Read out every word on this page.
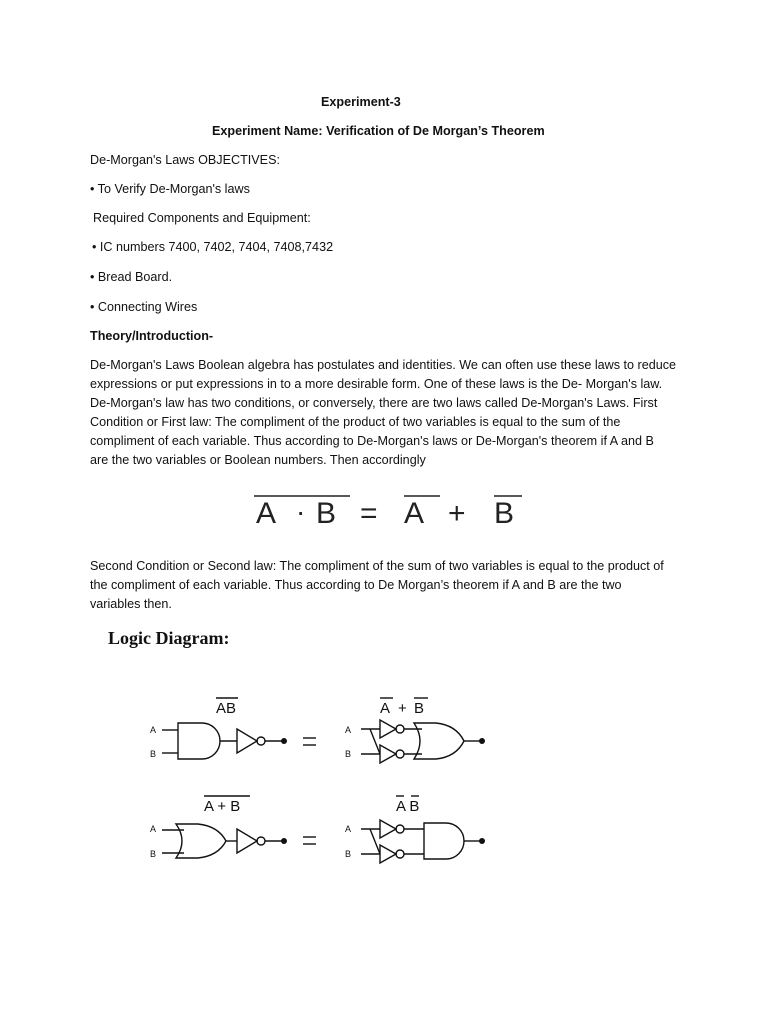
Experiment-3
Experiment Name: Verification of De Morgan’s Theorem
De-Morgan's Laws OBJECTIVES:
• To Verify De-Morgan's laws
Required Components and Equipment:
• IC numbers 7400, 7402, 7404, 7408,7432
• Bread Board.
• Connecting Wires
Theory/Introduction-
De-Morgan's Laws Boolean algebra has postulates and identities. We can often use these laws to reduce
expressions or put expressions in to a more desirable form. One of these laws is the De- Morgan's law.
De-Morgan's law has two conditions, or conversely, there are two laws called De-Morgan's Laws. First
Condition or First law: The compliment of the product of two variables is equal to the sum of the
compliment of each variable. Thus according to De-Morgan's laws or De-Morgan's theorem if A and B
are the two variables or Boolean numbers. Then accordingly
A · B = A + B
Second Condition or Second law: The compliment of the sum of two variables is equal to the product of
the compliment of each variable. Thus according to De Morgan’s theorem if A and B are the two
variables then.
Logic Diagram:
A
B
A
B
A
B
A
B
AB	A + B
A + B	A B
